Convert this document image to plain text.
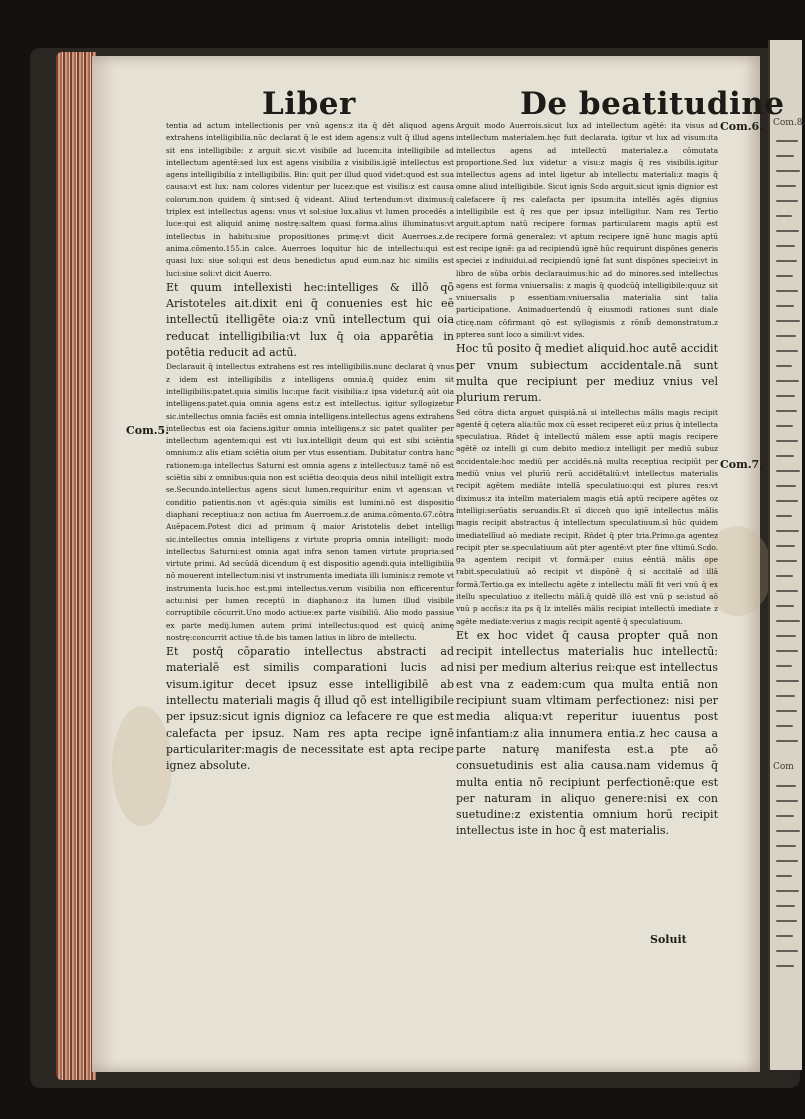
Com.8.
Com
Liber	De beatitudine

tentia ad actum intellectionis per vnū agens:z ita q̄ dēt aliquod agens extrahens intelligibilia.nūc declarat q̄ le est idem agens:z vult q̄ illud agens sit ens intelligibile: z arguit sic.vt visibile ad lucem:ita intelligibile ad intellectum agentē:sed lux est agens visibilia z visibilis.igiē intellectus est agens intelligibilia z intelligibilis. Bin: quit per illud quod videt:quod est sua causa:vt est lux: nam colores videntur per lucez:que est visilis:z est causa colorum.non quidem q̄ sint:sed q̄ videant. Aliud tertendum:vt diximus:q̄ triplex est intellectus agens: vnus vt sol:siue lux.alius vt lumen procedēs a luce:qui est aliquid animę nostrę:saltem quasi forma.alius illuminatus:vt intellectus in habitu:siue propositiones primę:vt dicit Auerroes.z.de anima.cōmento.155.in calce. Auerroes loquitur hic de intellectu:qui est quasi lux: siue sol:qui est deus benedictus apud eum.naz hic similis est luci:siue soli:vt dicit Auerro.

Et quum intellexisti hec:intelliges & illō qō Aristoteles ait.dixit eni q̄ conuenies est hic eē intellectū itelligēte oia:z vnū intellectum qui oia reducat intelligibilia:vt lux q̄ oia apparētia in potētia reducit ad actū.

Declarauit q̄ intellectus extrahens est res intelligibilis.nunc declarat q̄ vnus z idem est intelligibilis z intelligens omnia.q̄ quidez enim sit intelligibilis:patet.quia similis luc:que facit visibilia:z ipsa videtur.q̄ aūt oia intelligens:patet.quia omnia agens est:z est intellectus. igitur syllogizetur sic.intellectus omnia faciēs est omnia intelligens.intellectus agens extrahens intellectus est oia faciens.igitur omnia intelligens.z sic patet qualiter per intellectum agentem:qui est vti lux.intelligit deum qui est sibi sciēntia omnium:z alis etiam sciētia oium per vtus essentiam. Dubitatur contra hanc rationem:ga intellectus Saturni est omnia agens z intellectus:z tamē nō est sciētia sibi z omnibus:quia non est sciētia deo:quia deus nihil intelligit extra se.Secundo.intellectus agens sicut lumen.requiritur enim vt agens:an vt conditio patientis.non vt agēs:quia similis est lumini.nō est dispositio diaphani receptiua:z non actiua fm Auerroem.z.de anima.cōmento.67.cōtra Auēpacem.Potest dici ad primum q̄ maior Aristotelis debet intelligi sic.intellectus omnia intelligens z virtute propria omnia intelligit: modo intellectus Saturni:est omnia agat infra senon tamen virtute propria:sed virtute primi. Ad secūdā dicendum q̄ est dispositio agendi.quia intelligibilia nō mouerent intellectum:nisi vt instrumenta imediata illi luminis:z remote vt instrumenta lucis.hoc est.pmi intellectus.verum visibilia non efficerentur actu:nisi per lumen receptū in diaphano:z ita lumen illud visibile corruptibile cōcurrit.Uno modo actiue:ex parte visibiliū. Alio modo passiue ex parte medij.lumen autem primi intellectus:quod est quicq̄ animę nostrę:concurrit actiue tn̄.de bis tamen latius in libro de intellectu.

Et postq̄ cōparatio intellectus abstracti ad materialē est similis comparationi lucis ad visum.igitur decet ipsuz esse intelligibilē ab intellectu materiali magis q̄ illud qō est intelligibile per ipsuz:sicut ignis dignioz ca lefacere re que est calefacta per ipsuz. Nam res apta recipe ignē particulariter:magis de necessitate est apta recipe ignez absolute.

Arguit modo Auerrois.sicut lux ad intellectum agētē: ita visus ad intellectum materialem.hęc fuit declarata. igitur vt lux ad visum:ita intellectus agens ad intellectū materialez.a cōmutata proportione.Sed lux videtur a visu:z magis q̄ res visibilis.igitur intellectus agens ad intel ligetur ab intellectu materiali:z magis q̄ omne aliud intelligibile. Sicut ignis Scdo arguit.sicut ignis dignior est calefacere q̄ res calefacta per ipsum:ita intellēs agēs dignius intelligibile est q̄ res que per ipsuz intelligitur. Nam res Tertio arguit.aptum natū recipere formas particularem magis aptū est recipere formā generalez: vt aptum recipere ignē hunc magis aptū est recipe ignē: ga ad recipiendū ignē hūc requirunt dispōnes generis speciei z indiuidui.ad recipiendū ignē fat sunt dispōnes speciei:vt in libro de sūba orbis declarauimus:hic ad do minores.sed intellectus agens est forma vniuersalis: z magis q̄ quodcūq̄ intelligibile:quuz sit vniuersalis p essentiam:vniuersalia materialia sint talia participatione. Animaduertendū q̄ eiusmodi rationes sunt diale cticę.nam cōfirmant qō est syllogismis z rōnib̄ demonstratum.z ppterea sunt loco a simili:vt vides.

Hoc tū posito q̄ mediet aliquid.hoc autē accidit per vnum subiectum accidentale.nā sunt multa que recipiunt per mediuz vnius vel plurium rerum.

Sed cōtra dicta arguet quispiā.nā si intellectus mālis magis recipit agentē q̄ cętera alia:tūc mox cū esset reciperet eū:z prius q̄ intellecta speculatiua. Rn̄det q̄ intellectū mālem esse aptū magis recipere agētē oz intelli gi cum debito medio:z intelligit per mediū subuz accidentale:hoc mediū per accidēs.nā multa receptiua recipiūt per mediū vnius vel plurīū rerū accidētaliū:vt intellectus materialis recipit agētem mediāte intellā speculatiuo:qui est plures res:vt diximus:z ita intellm materialem magis etiā aptū recipere agētes oz intelligi:serūatis seruandis.Et sī dicceǹ quo igiē intellectus mālis magis recipit abstractus q̄ intellectum speculatiuum.sī hūc quidem imediatellīud aō mediate recipit. Rn̄det q̄ pter tria.Primo.ga agentez recipit pter se.speculatiuum aūt pter agentē:vt pter fine vltimū.Scdo. ga agentem recipit vt formā:per cuius eēntiā mālis ope rabit.speculatiuū aō recipit vt dispōnē q̄ si accitalē ad illā formā.Tertio.ga ex intellectu agēte z intellectu mālī fit veri vnū q̄ ex itellu speculatiuo z itellectu mālī.q̄ quidē illō est vnū p se:istud aō vnū p accñs:z ita ps q̄ lz intellēs mālis recipiat intellectū imediate z agēte mediate:verius z magis recipit agentē q̄ speculatiuum.

Et ex hoc videt q̄ causa propter quā non recipit intellectus materialis huc intellectū: nisi per medium alterius rei:que est intellectus est vna z eadem:cum qua multa entiā non recipiunt suam vltimam perfectionez: nisi per media aliqua:vt reperitur iuuentus post infantiam:z alia innumera entia.z hec causa a parte naturę manifesta est.a pte aō consuetudinis est alia causa.nam videmus q̄ multa entia nō recipiunt perfectionē:que est per naturam in aliquo genere:nisi ex con suetudine:z existentia omnium horū recipit intellectus iste in hoc q̄ est materialis.

Com.5.
Com.6.
Com.7.
Soluit
